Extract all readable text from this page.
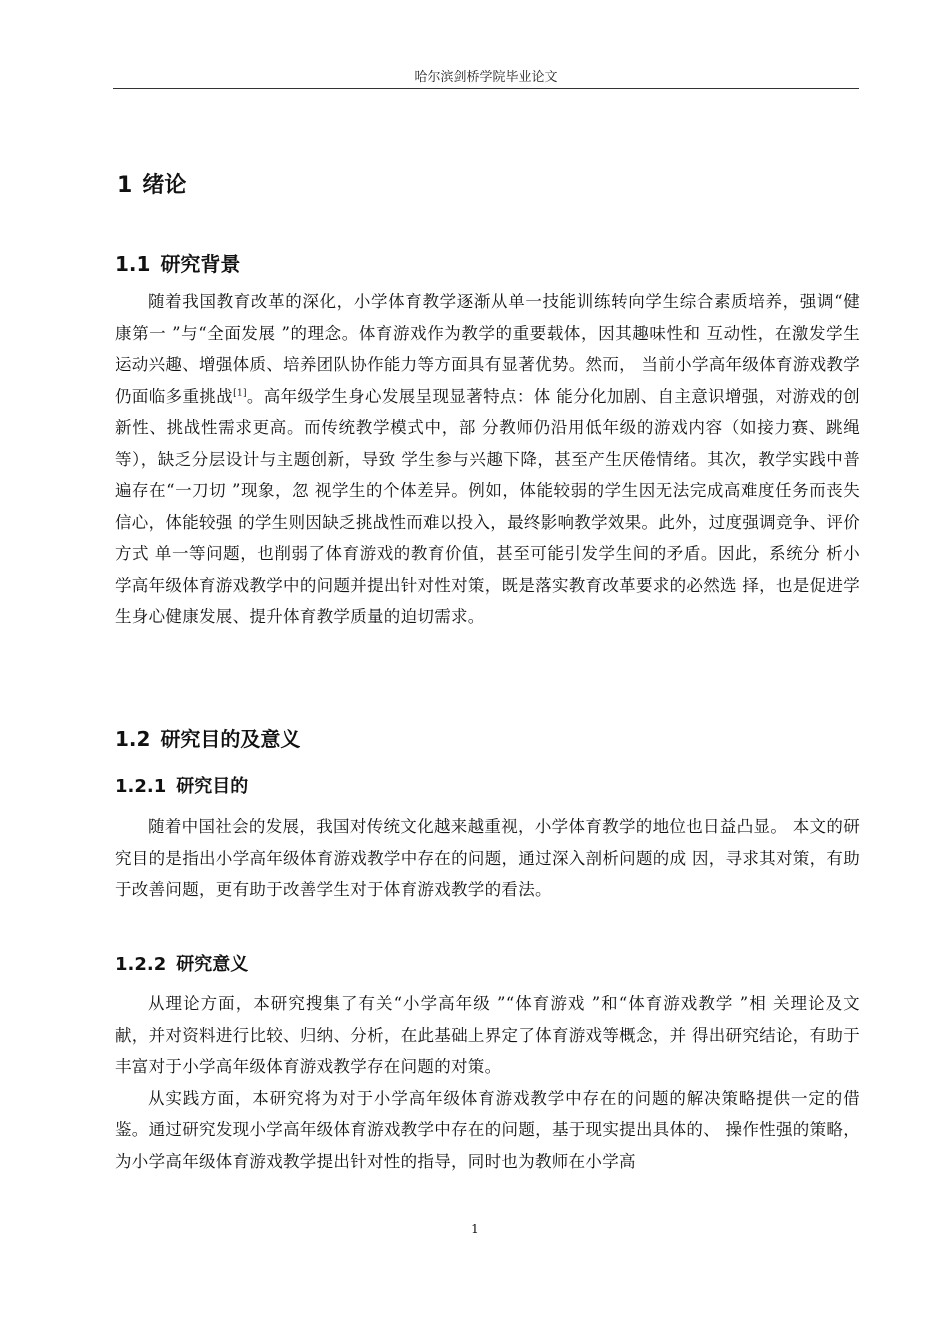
哈尔滨剑桥学院毕业论文
1 绪论
1.1 研究背景

随着我国教育改革的深化，小学体育教学逐渐从单一技能训练转向学生综合素质培养，强调“健康第一 ”与“全面发展 ”的理念。体育游戏作为教学的重要载体，因其趣味性和 互动性，在激发学生运动兴趣、增强体质、培养团队协作能力等方面具有显著优势。然而， 当前小学高年级体育游戏教学仍面临多重挑战[1]。高年级学生身心发展呈现显著特点：体 能分化加剧、自主意识增强，对游戏的创新性、挑战性需求更高。而传统教学模式中，部 分教师仍沿用低年级的游戏内容（如接力赛、跳绳等），缺乏分层设计与主题创新，导致 学生参与兴趣下降，甚至产生厌倦情绪。其次，教学实践中普遍存在“一刀切 ”现象，忽 视学生的个体差异。例如，体能较弱的学生因无法完成高难度任务而丧失信心，体能较强 的学生则因缺乏挑战性而难以投入，最终影响教学效果。此外，过度强调竞争、评价方式 单一等问题，也削弱了体育游戏的教育价值，甚至可能引发学生间的矛盾。因此，系统分 析小学高年级体育游戏教学中的问题并提出针对性对策，既是落实教育改革要求的必然选 择，也是促进学生身心健康发展、提升体育教学质量的迫切需求。

1.2 研究目的及意义
1.2.1 研究目的

随着中国社会的发展，我国对传统文化越来越重视，小学体育教学的地位也日益凸显。 本文的研究目的是指出小学高年级体育游戏教学中存在的问题，通过深入剖析问题的成 因，寻求其对策，有助于改善问题，更有助于改善学生对于体育游戏教学的看法。

1.2.2 研究意义

从理论方面，本研究搜集了有关“小学高年级 ”“体育游戏 ”和“体育游戏教学 ”相 关理论及文献，并对资料进行比较、归纳、分析，在此基础上界定了体育游戏等概念，并 得出研究结论，有助于丰富对于小学高年级体育游戏教学存在问题的对策。

从实践方面，本研究将为对于小学高年级体育游戏教学中存在的问题的解决策略提供一定的借鉴。通过研究发现小学高年级体育游戏教学中存在的问题，基于现实提出具体的、 操作性强的策略，为小学高年级体育游戏教学提出针对性的指导，同时也为教师在小学高

1
